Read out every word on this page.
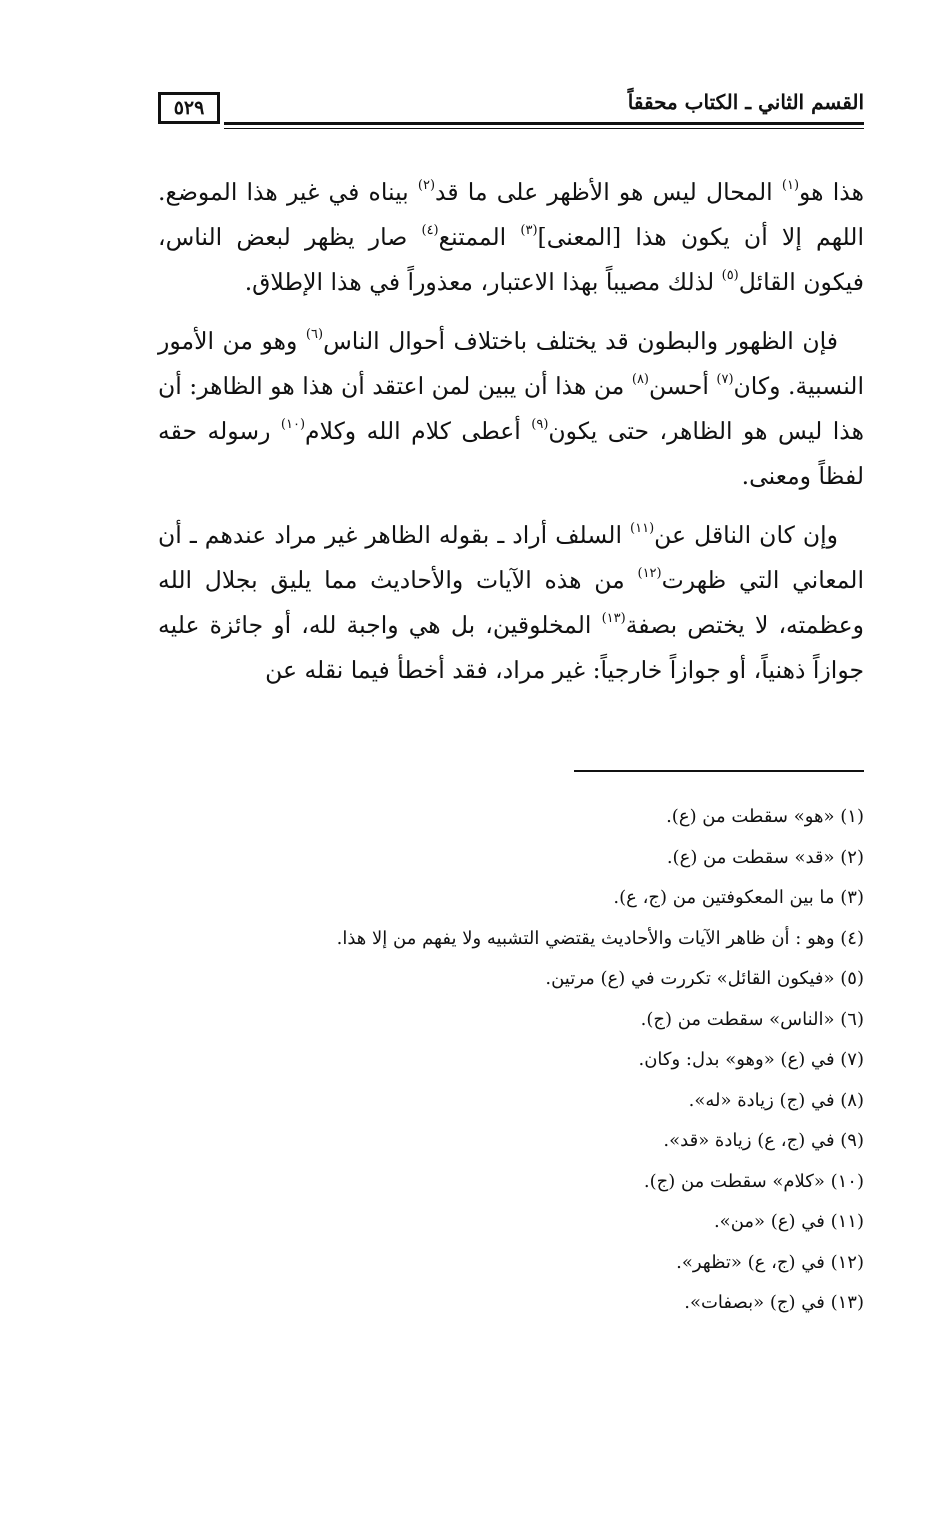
٥٢٩	القسم الثاني ـ الكتاب محققاً

هذا هو$^{(١)}$ المحال ليس هو الأظهر على ما قد$^{(٢)}$ بيناه في غير هذا الموضع. اللهم إلا أن يكون هذا [المعنى]$^{(٣)}$ الممتنع$^{(٤)}$ صار يظهر لبعض الناس، فيكون القائل$^{(٥)}$ لذلك مصيباً بهذا الاعتبار، معذوراً في هذا الإطلاق.

فإن الظهور والبطون قد يختلف باختلاف أحوال الناس$^{(٦)}$ وهو من الأمور النسبية. وكان$^{(٧)}$ أحسن$^{(٨)}$ من هذا أن يبين لمن اعتقد أن هذا هو الظاهر: أن هذا ليس هو الظاهر، حتى يكون$^{(٩)}$ أعطى كلام الله وكلام$^{(١٠)}$ رسوله حقه لفظاً ومعنى.

وإن كان الناقل عن$^{(١١)}$ السلف أراد ـ بقوله الظاهر غير مراد عندهم ـ أن المعاني التي ظهرت$^{(١٢)}$ من هذه الآيات والأحاديث مما يليق بجلال الله وعظمته، لا يختص بصفة$^{(١٣)}$ المخلوقين، بل هي واجبة لله، أو جائزة عليه جوازاً ذهنياً، أو جوازاً خارجياً: غير مراد، فقد أخطأ فيما نقله عن

(١) «هو» سقطت من (ع).
(٢) «قد» سقطت من (ع).
(٣) ما بين المعكوفتين من (ج، ع).
(٤) وهو : أن ظاهر الآيات والأحاديث يقتضي التشبيه ولا يفهم من إلا هذا.
(٥) «فيكون القائل» تكررت في (ع) مرتين.
(٦) «الناس» سقطت من (ج).
(٧) في (ع) «وهو» بدل: وكان.
(٨) في (ج) زيادة «له».
(٩) في (ج، ع) زيادة «قد».
(١٠) «كلام» سقطت من (ج).
(١١) في (ع) «من».
(١٢) في (ج، ع) «تظهر».
(١٣) في (ج) «بصفات».
